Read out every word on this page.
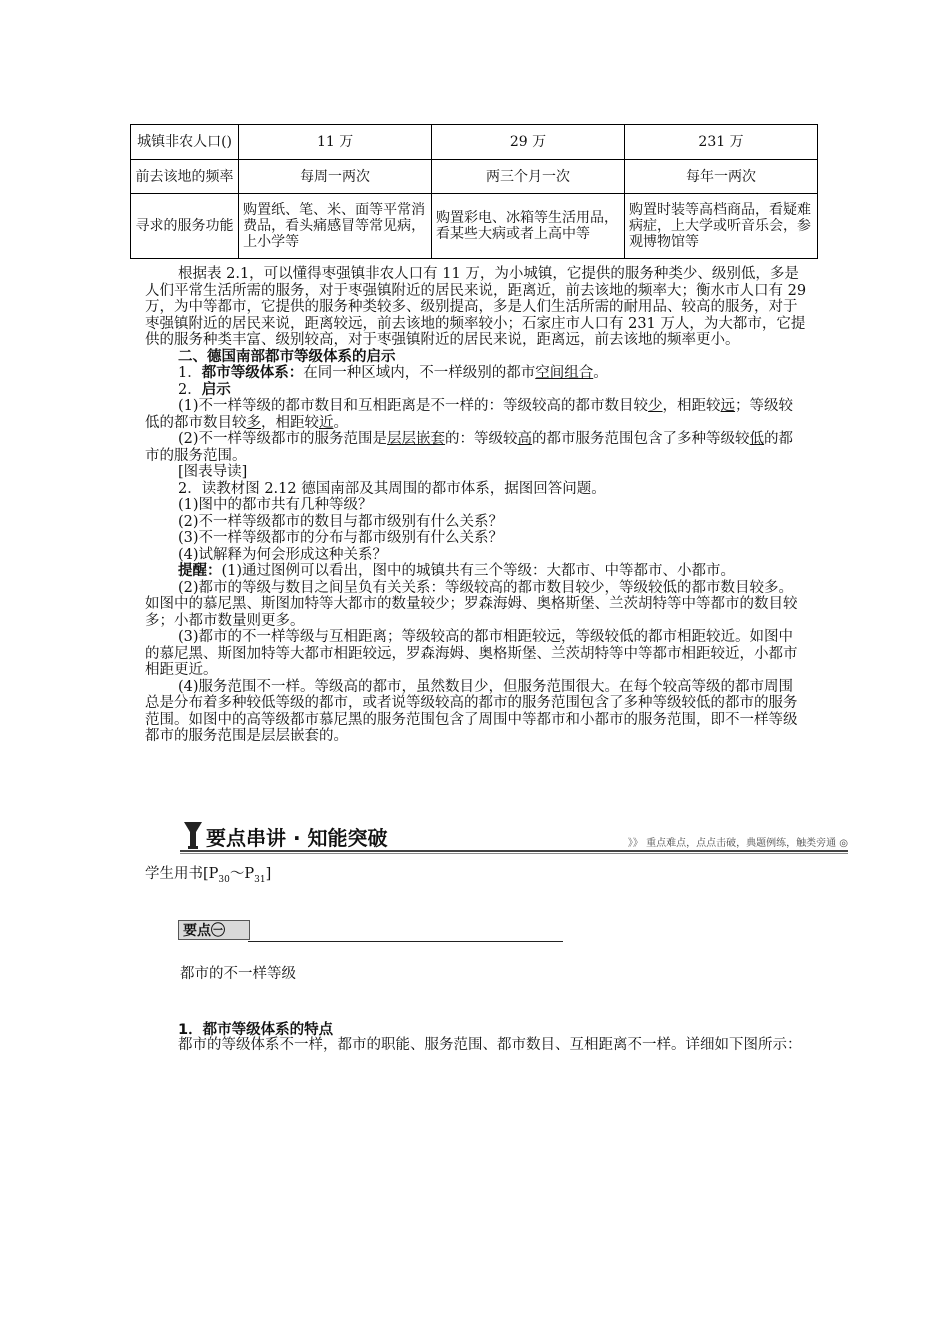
城镇非农人口()	11 万	29 万	231 万
前去该地的频率	每周一两次	两三个月一次	每年一两次
寻求的服务功能	购置纸、笔、米、面等平常消费品，看头痛感冒等常见病，上小学等	购置彩电、冰箱等生活用品，看某些大病或者上高中等	购置时装等高档商品，看疑难病症，上大学或听音乐会，参观博物馆等

根据表 2.1，可以懂得枣强镇非农人口有 11 万，为小城镇，它提供的服务种类少、级别低，多是人们平常生活所需的服务，对于枣强镇附近的居民来说，距离近，前去该地的频率大；衡水市人口有 29 万，为中等都市，它提供的服务种类较多、级别提高，多是人们生活所需的耐用品、较高的服务，对于枣强镇附近的居民来说，距离较远，前去该地的频率较小；石家庄市人口有 231 万人，为大都市，它提供的服务种类丰富、级别较高，对于枣强镇附近的居民来说，距离远，前去该地的频率更小。

二、德国南部都市等级体系的启示

1．都市等级体系：在同一种区域内，不一样级别的都市空间组合。

2．启示

(1)不一样等级的都市数目和互相距离是不一样的：等级较高的都市数目较少，相距较远；等级较低的都市数目较多，相距较近。

(2)不一样等级都市的服务范围是层层嵌套的：等级较高的都市服务范围包含了多种等级较低的都市的服务范围。

[图表导读]

2．读教材图 2.12 德国南部及其周围的都市体系，据图回答问题。

(1)图中的都市共有几种等级？

(2)不一样等级都市的数目与都市级别有什么关系？

(3)不一样等级都市的分布与都市级别有什么关系？

(4)试解释为何会形成这种关系？

提醒：(1)通过图例可以看出，图中的城镇共有三个等级：大都市、中等都市、小都市。

(2)都市的等级与数目之间呈负有关关系：等级较高的都市数目较少，等级较低的都市数目较多。如图中的慕尼黑、斯图加特等大都市的数量较少；罗森海姆、奥格斯堡、兰茨胡特等中等都市的数目较多；小都市数量则更多。

(3)都市的不一样等级与互相距离；等级较高的都市相距较远，等级较低的都市相距较近。如图中的慕尼黑、斯图加特等大都市相距较远，罗森海姆、奥格斯堡、兰茨胡特等中等都市相距较近，小都市相距更近。

(4)服务范围不一样。等级高的都市，虽然数目少，但服务范围很大。在每个较高等级的都市周围总是分布着多种较低等级的都市，或者说等级较高的都市的服务范围包含了多种等级较低的都市的服务范围。如图中的高等级都市慕尼黑的服务范围包含了周围中等都市和小都市的服务范围，即不一样等级都市的服务范围是层层嵌套的。

要点串讲 · 知能突破	》》 重点难点，点点击破，典题例练，触类旁通 ◎
学生用书$[P_{30}\sim P_{31}]$
要点㊀
都市的不一样等级
1．都市等级体系的特点

都市的等级体系不一样，都市的职能、服务范围、都市数目、互相距离不一样。详细如下图所示：
